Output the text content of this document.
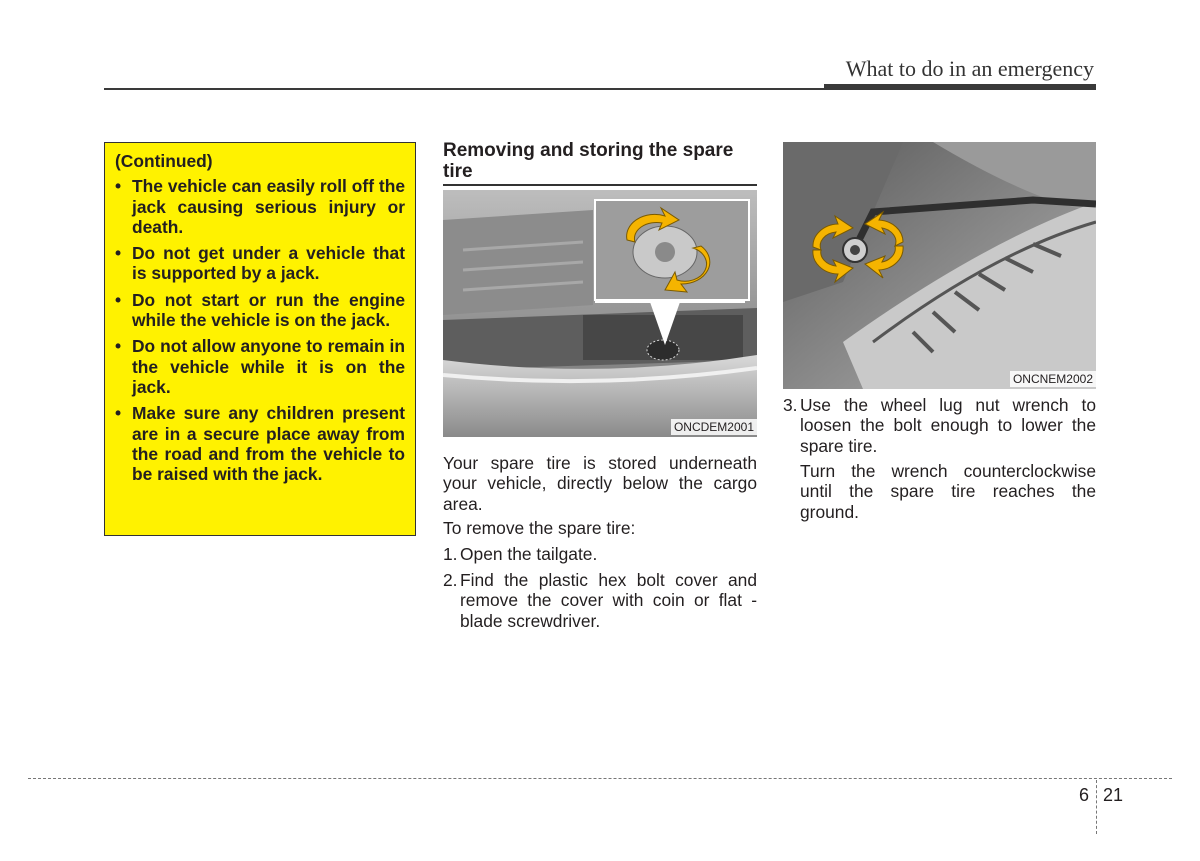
What to do in an emergency
(Continued)
• The vehicle can easily roll off the jack causing serious injury or death.
• Do not get under a vehicle that is supported by a jack.
• Do not start or run the engine while the vehicle is on the jack.
• Do not allow anyone to remain in the vehicle while it is on the jack.
• Make sure any children present are in a secure place away from the road and from the vehicle to be raised with the jack.
Removing and storing the spare tire
ONCDEM2001
Your spare tire is stored underneath your vehicle, directly below the cargo area.
To remove the spare tire:
1. Open the tailgate.
2. Find the plastic hex bolt cover and remove the cover with coin or flat - blade screwdriver.
ONCNEM2002
3. Use the wheel lug nut wrench to loosen the bolt enough to lower the spare tire.
Turn the wrench counterclockwise until the spare tire reaches the ground.
6 21
